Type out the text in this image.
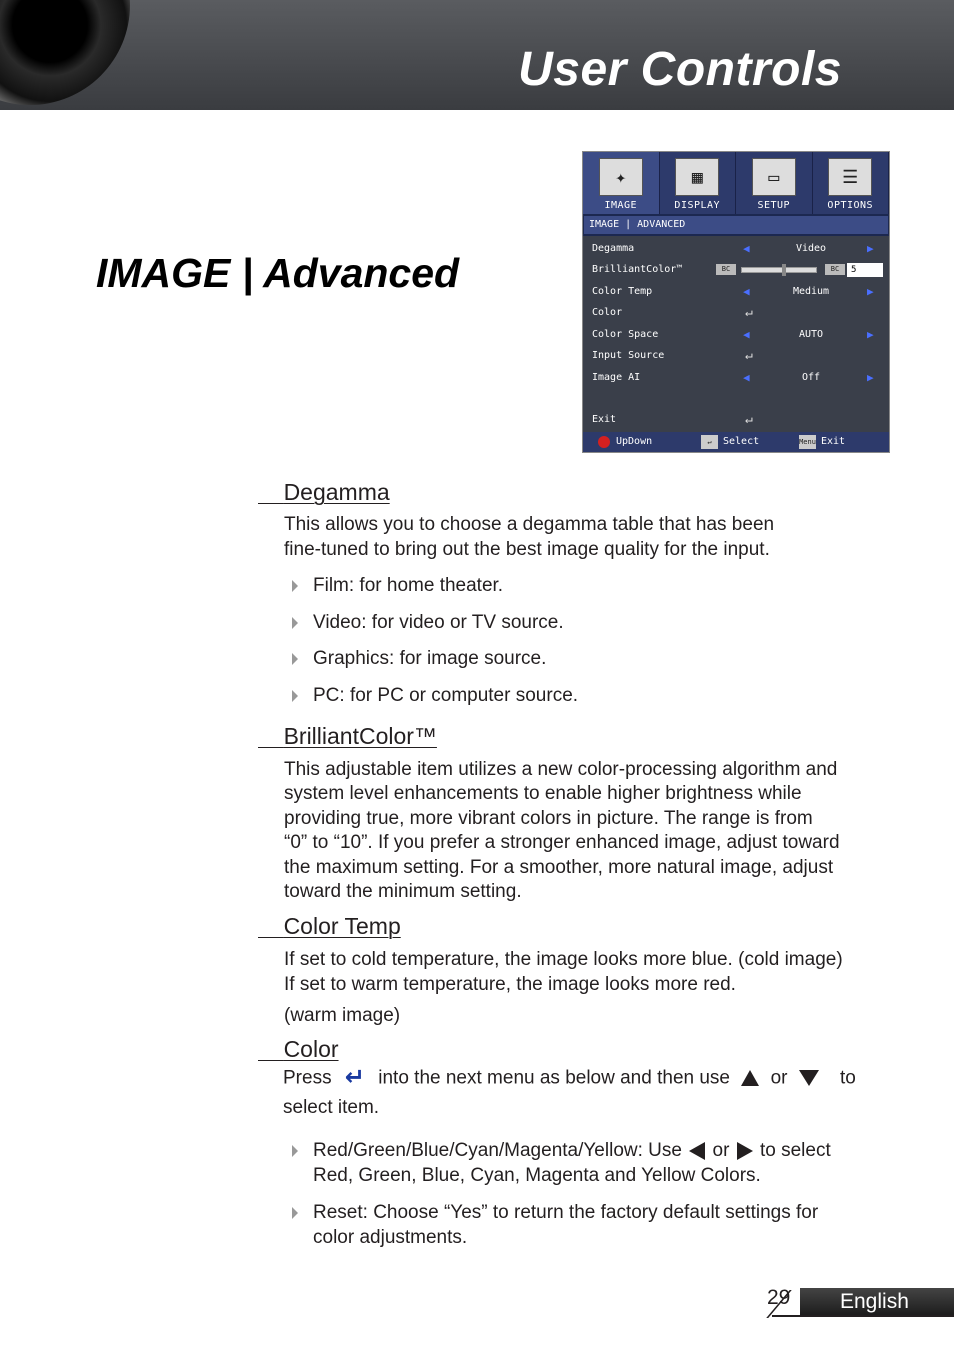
User Controls
IMAGE | Advanced
✦
IMAGE
▦
DISPLAY
▭
SETUP
☰
OPTIONS
IMAGE | ADVANCED
Degamma	◀	Video	▶
BrilliantColor™	BC	BC	5
Color Temp	◀	Medium	▶
Color	↵
Color Space	◀	AUTO	▶
Input Source	↵
Image AI	◀	Off	▶
Exit	↵
UpDown	↵	Select	Menu Exit
Degamma
This allows you to choose a degamma table that has been
fine-tuned to bring out the best image quality for the input.
Film: for home theater.
Video: for video or TV source.
Graphics: for image source.
PC: for PC or computer source.
BrilliantColor™
This adjustable item utilizes a new color-processing algorithm and
system level enhancements to enable higher brightness while
providing true, more vibrant colors in picture. The range is from
“0” to “10”. If you prefer a stronger enhanced image, adjust toward
the maximum setting. For a smoother, more natural image, adjust
toward the minimum setting.
Color Temp
If set to cold temperature, the image looks more blue. (cold image)
If set to warm temperature, the image looks more red.
(warm image)
Color
Press ↵ into the next menu as below and then use or	to
select item.
Red/Green/Blue/Cyan/Magenta/Yellow: Use or to select
Red, Green, Blue, Cyan, Magenta and Yellow Colors.
Reset: Choose “Yes” to return the factory default settings for
color adjustments.
29	English
